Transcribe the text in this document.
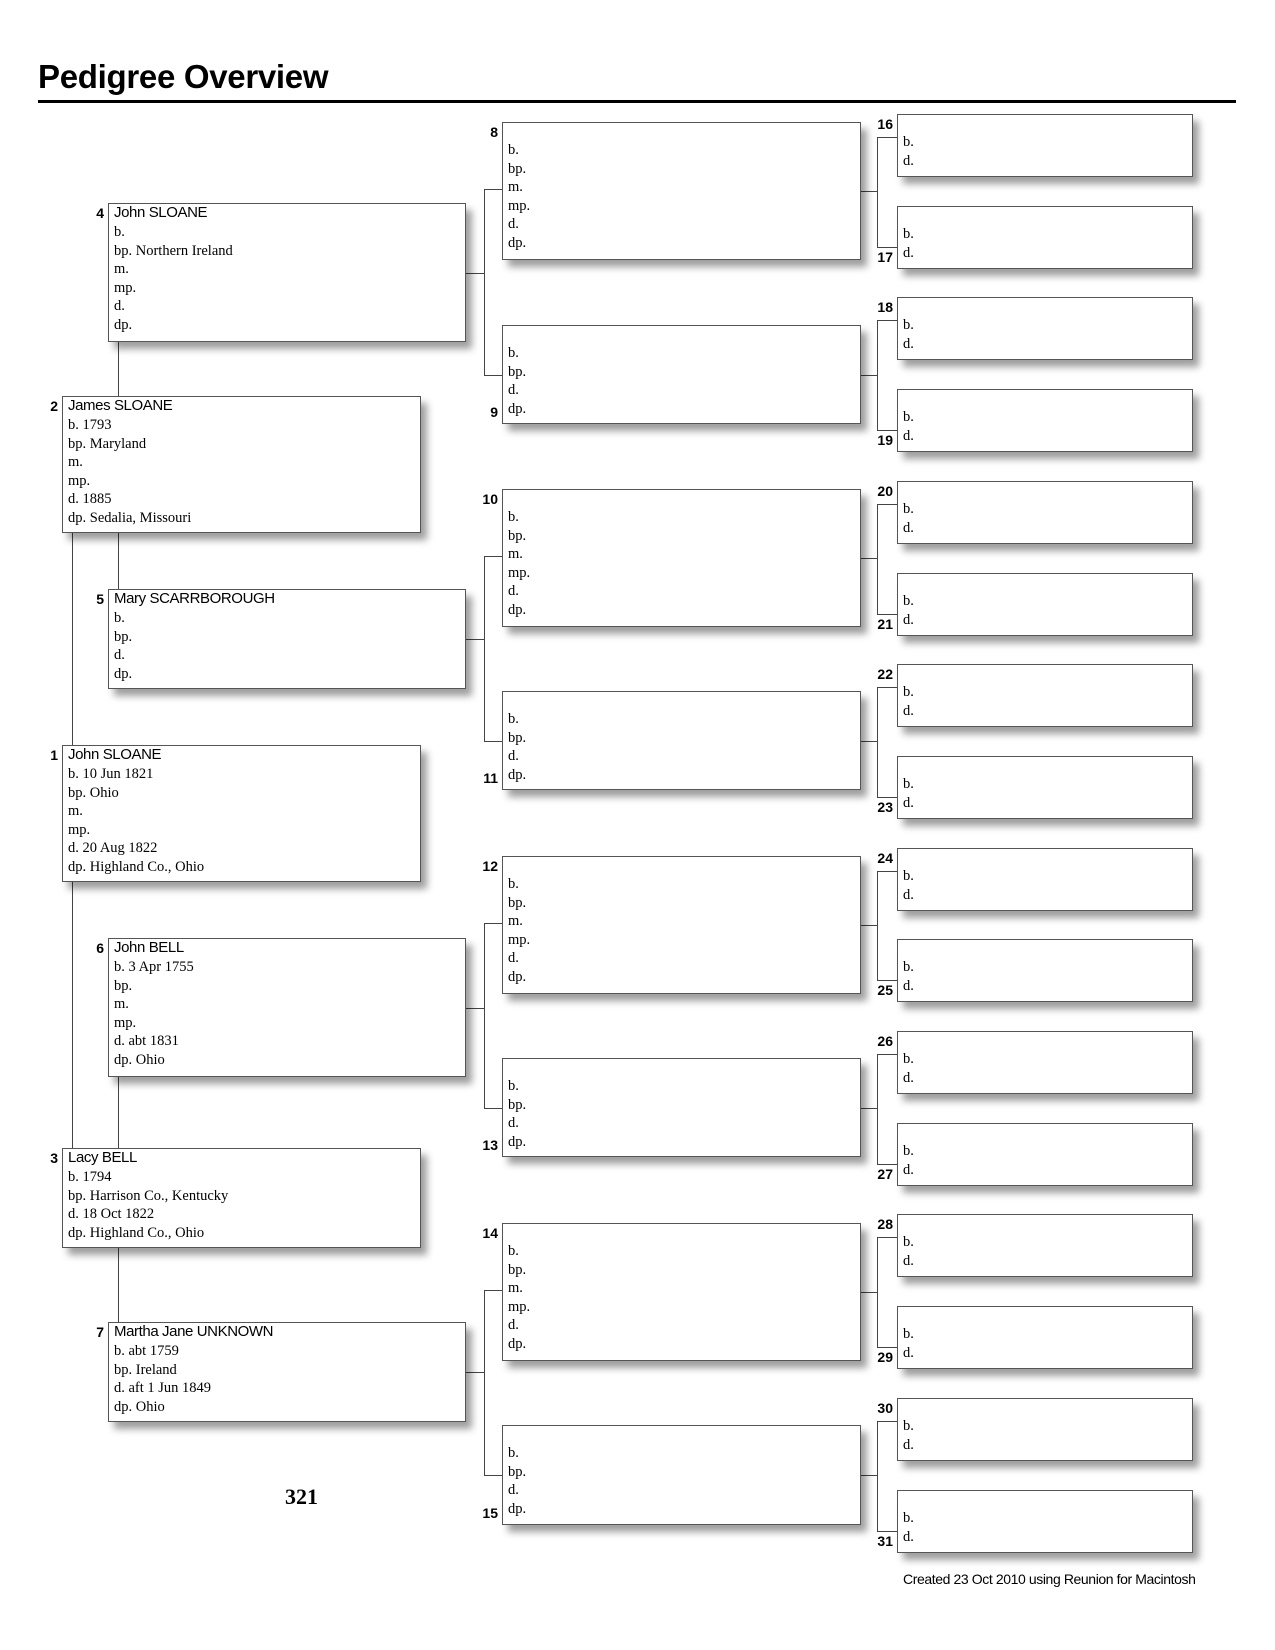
Pedigree Overview
John SLOANE
b. 10 Jun 1821
bp. Ohio
m.
mp.
d. 20 Aug 1822
dp. Highland Co., Ohio
1
James SLOANE
b. 1793
bp. Maryland
m.
mp.
d. 1885
dp. Sedalia, Missouri
2
Lacy BELL
b. 1794
bp. Harrison Co., Kentucky
d. 18 Oct 1822
dp. Highland Co., Ohio
3
John SLOANE
b.
bp. Northern Ireland
m.
mp.
d.
dp.
4
Mary SCARRBOROUGH
b.
bp.
d.
dp.
5
John BELL
b. 3 Apr 1755
bp.
m.
mp.
d. abt 1831
dp. Ohio
6
Martha Jane UNKNOWN
b. abt 1759
bp. Ireland
d. aft 1 Jun 1849
dp. Ohio
7
b.
bp.
m.
mp.
d.
dp.
8
b.
bp.
d.
dp.
9
b.
bp.
m.
mp.
d.
dp.
10
b.
bp.
d.
dp.
11
b.
bp.
m.
mp.
d.
dp.
12
b.
bp.
d.
dp.
13
b.
bp.
m.
mp.
d.
dp.
14
b.
bp.
d.
dp.
15
b.
d.
16
b.
d.
17
b.
d.
18
b.
d.
19
b.
d.
20
b.
d.
21
b.
d.
22
b.
d.
23
b.
d.
24
b.
d.
25
b.
d.
26
b.
d.
27
b.
d.
28
b.
d.
29
b.
d.
30
b.
d.
31
321
Created 23 Oct 2010 using Reunion for Macintosh
